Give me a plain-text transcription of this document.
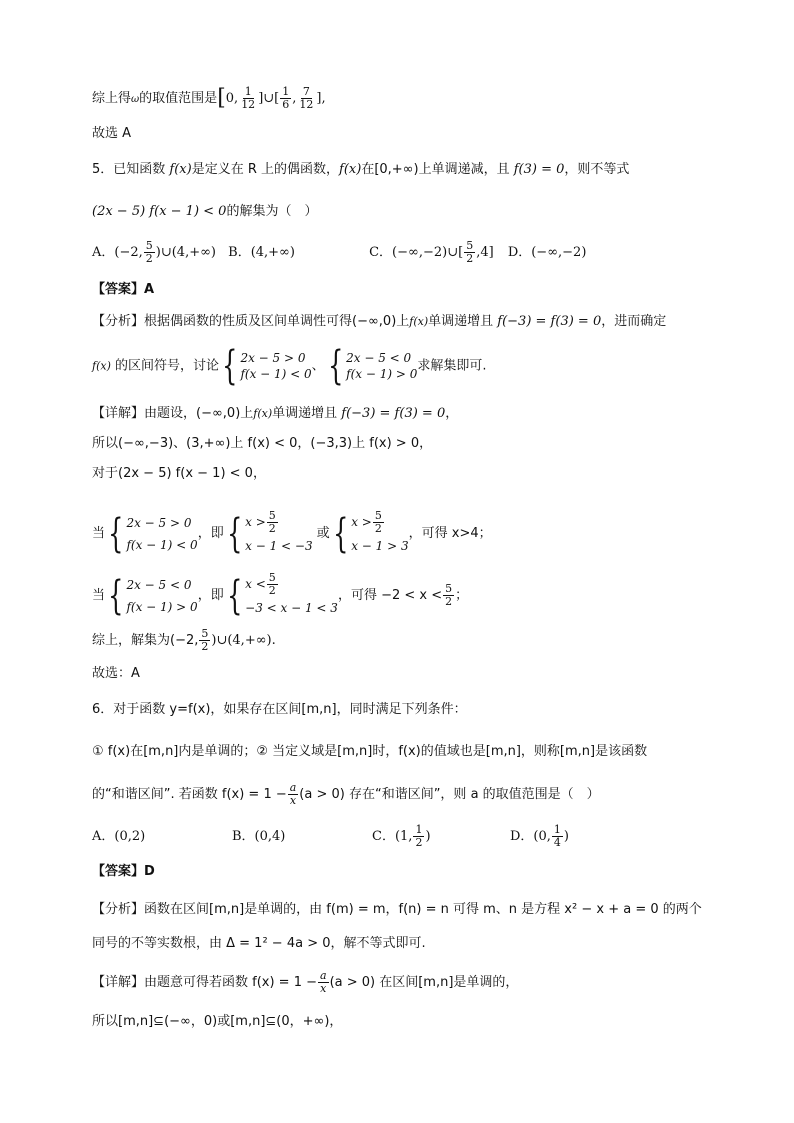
综上得ω的取值范围是[0, $\frac{1}{12}$ ]∪[ $\frac{1}{6}$ , $\frac{7}{12}$ ],
故选 A
5．已知函数 f(x)是定义在 R 上的偶函数，f(x)在[0,+∞)上单调递减，且 f(3) = 0，则不等式
(2x − 5) f(x − 1) < 0的解集为（　）
A．(−2, $\frac{5}{2}$ )∪(4,+∞) B．(4,+∞)	C．(−∞,−2)∪[ $\frac{5}{2} ,4$] D．(−∞,−2)
【答案】A
【分析】根据偶函数的性质及区间单调性可得(−∞,0)上f(x)单调递增且 f(−3) = f(3) = 0，进而确定
f(x) 的区间符号，讨论{ 2x − 5 > 0
f(x − 1) < 0
、{ 2x − 5 < 0
f(x − 1) > 0
求解集即可.
【详解】由题设，(−∞,0)上f(x)单调递增且 f(−3) = f(3) = 0，
所以(−∞,−3)、(3,+∞)上 f(x) < 0，(−3,3)上 f(x) > 0，
对于(2x − 5) f(x − 1) < 0，
当{ 2x − 5 > 0
f(x − 1) < 0
，即{ $x > \frac{5}{2}$
x − 1 < −3
或{ $x > \frac{5}{2}$
x − 1 > 3
，可得 x>4；
当{ 2x − 5 < 0
f(x − 1) > 0
，即{ $x < \frac{5}{2}$
−3 < x − 1 < 3
，可得 $-2 < x < \frac{5}{2}$ ；
综上，解集为(−2, $\frac{5}{2}$ )∪(4,+∞).
故选：A
6．对于函数 y=f(x)，如果存在区间[m,n]，同时满足下列条件：
① f(x)在[m,n]内是单调的；② 当定义域是[m,n]时，f(x)的值域也是[m,n]，则称[m,n]是该函数
的“和谐区间”. 若函数 $f(x) = 1 - \frac{a}{x} (a > 0)$ 存在“和谐区间”，则 a 的取值范围是（　）
A．(0,2)	B．(0,4)	C．(1, $\frac{1}{2}$ )	D．(0, $\frac{1}{4}$ )
【答案】D
【分析】函数在区间[m,n]是单调的，由 f(m) = m，f(n) = n 可得 m、n 是方程 x² − x + a = 0 的两个
同号的不等实数根，由 Δ = 1² − 4a > 0，解不等式即可.
【详解】由题意可得若函数 $f(x) = 1 - \frac{a}{x} (a > 0)$ 在区间[m,n]是单调的，
所以[m,n]⊆(−∞，0)或[m,n]⊆(0，+∞)，
